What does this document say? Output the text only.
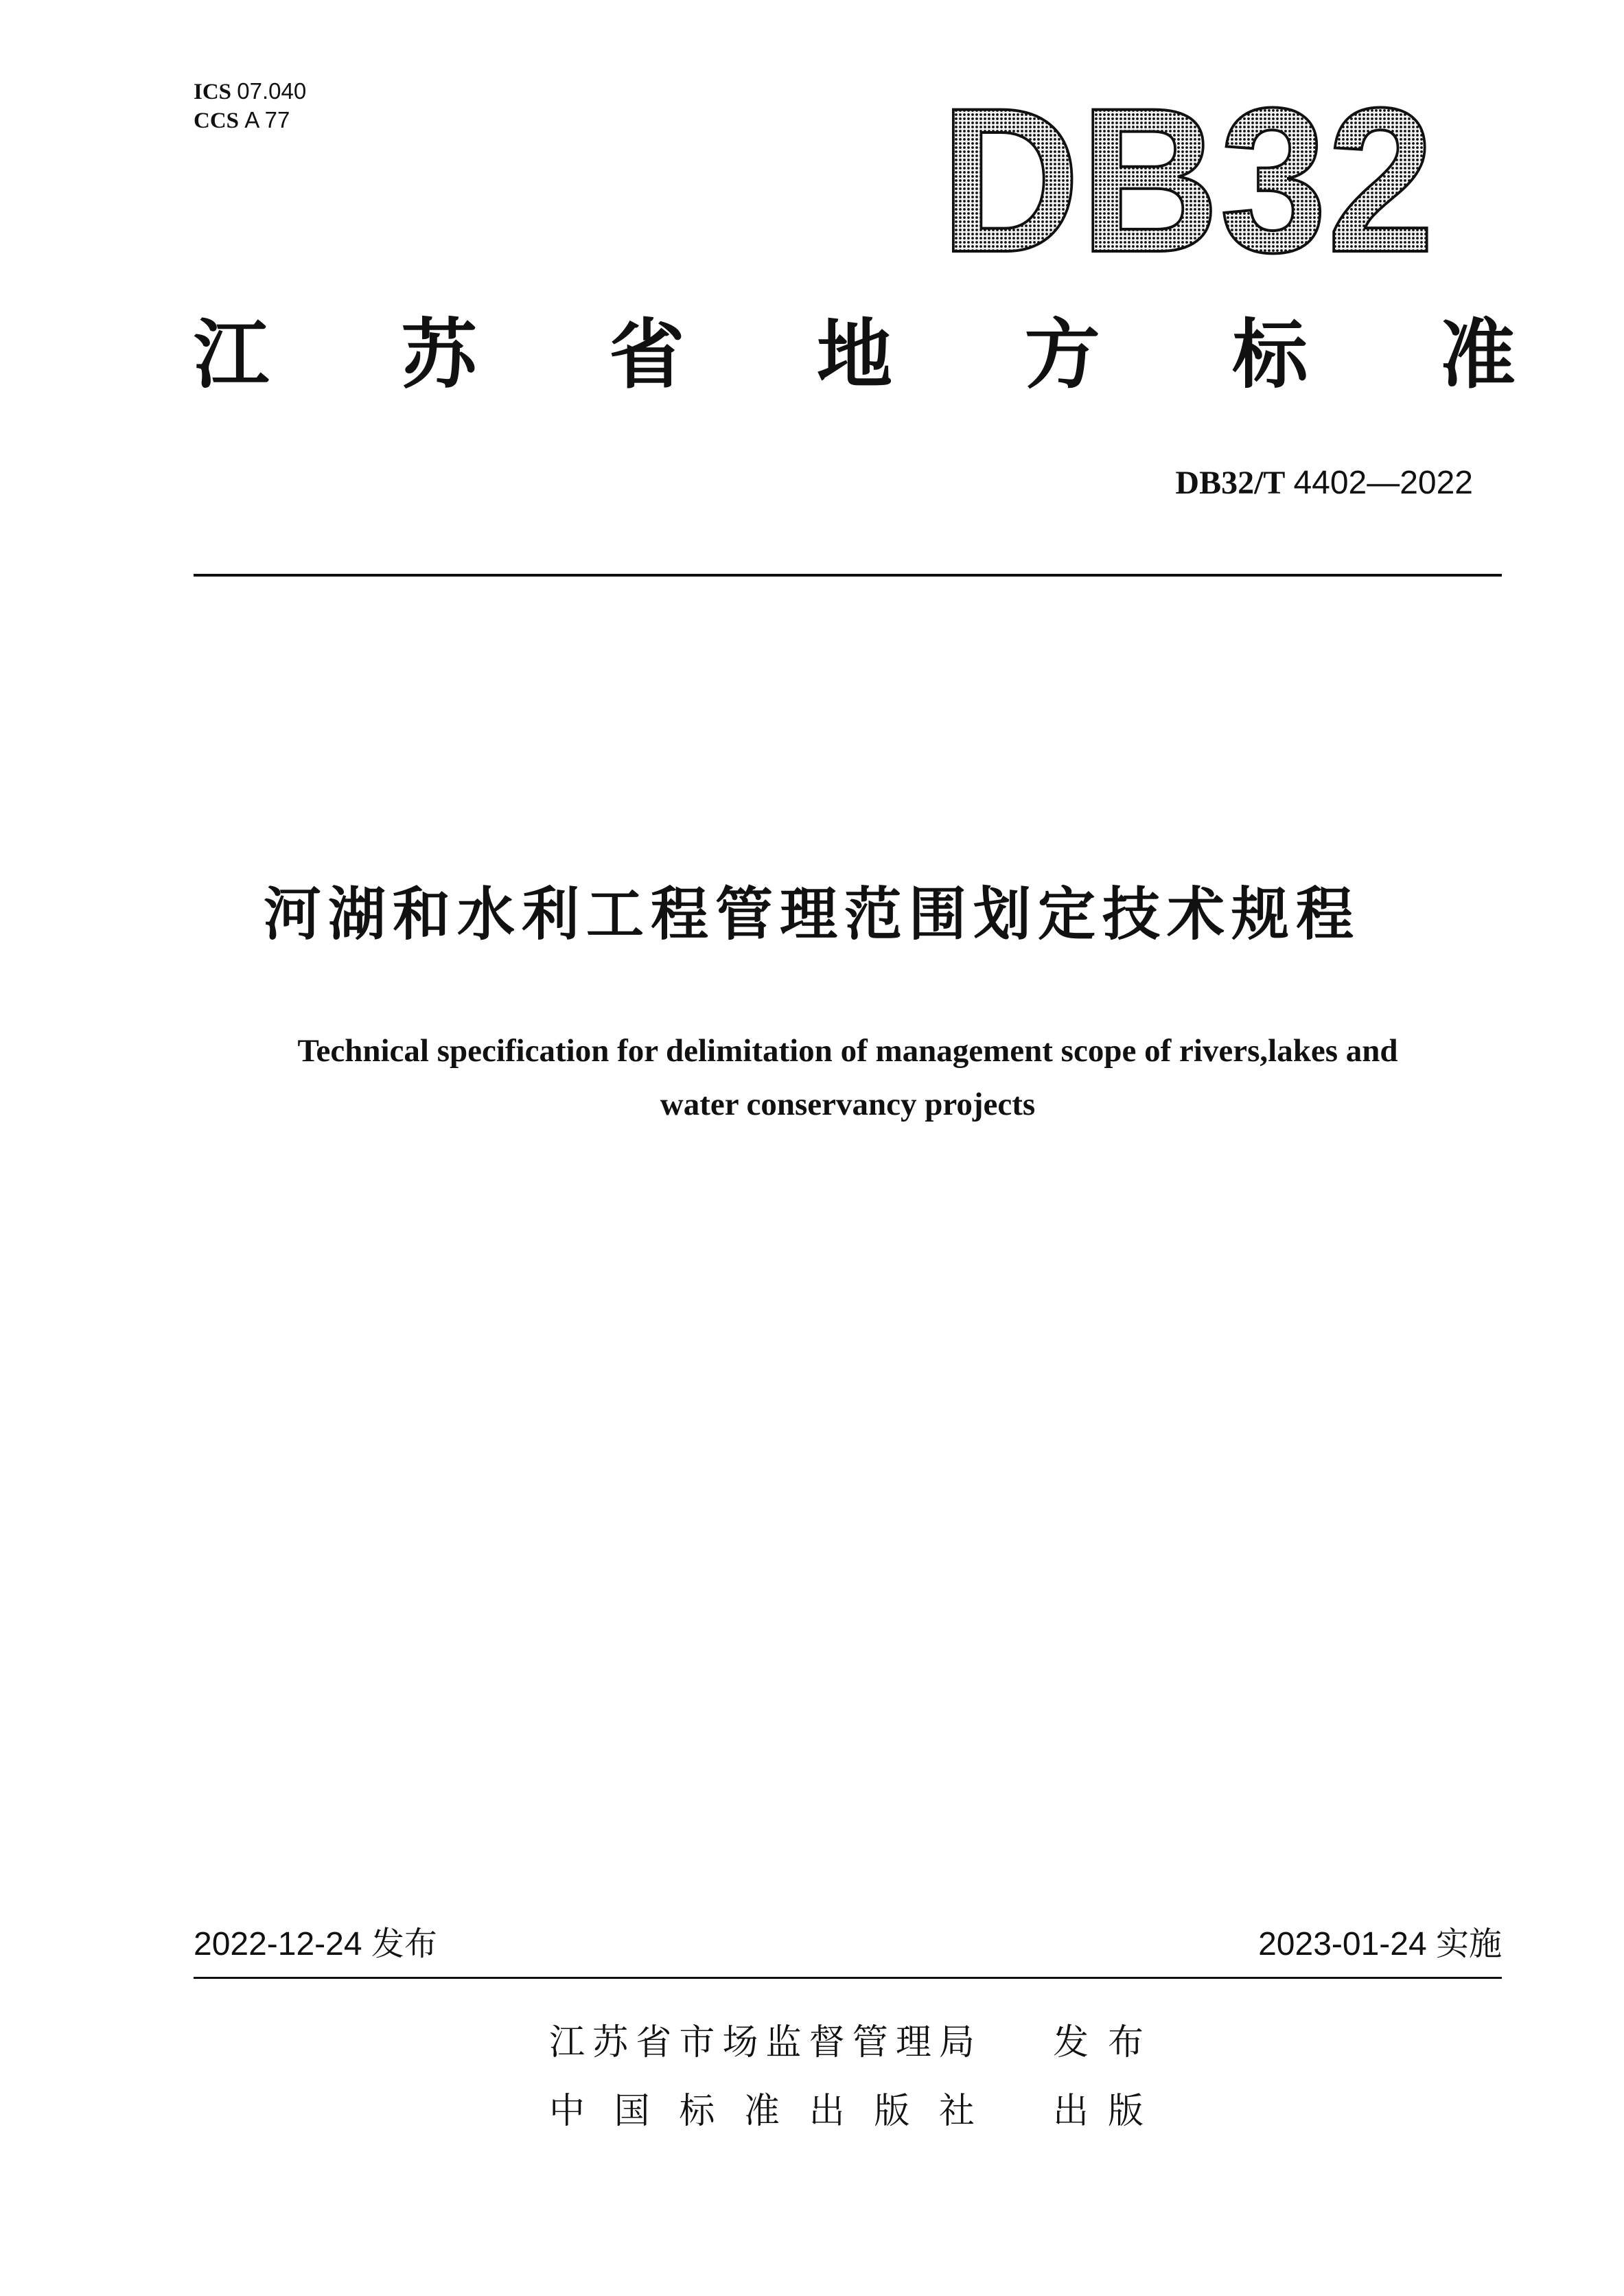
ICS 07.040
CCS A 77	DB32
江 苏 省 地 方 标 准
DB32/T 4402—2022
河湖和水利工程管理范围划定技术规程
Technical specification for delimitation of management scope of rivers,lakes and
water conservancy projects
2022-12-24 发布	2023-01-24 实施
江苏省市场监督管理局 发布
中国标准出版社 出版
